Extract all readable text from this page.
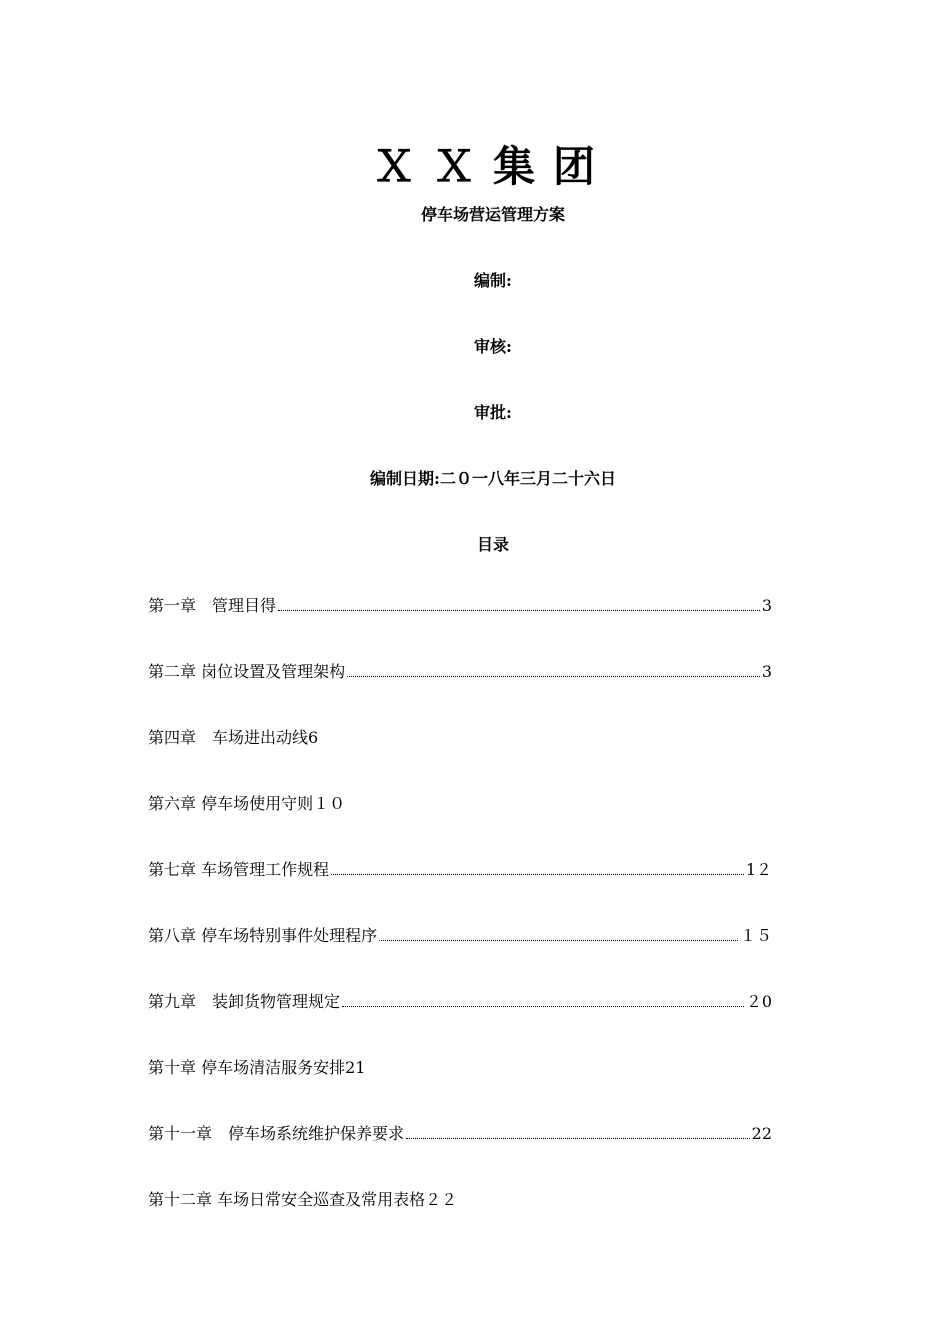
ＸＸ集团
停车场营运管理方案
编制:
审核:
审批:
编制日期:二０一八年三月二十六日
目录
第一章　管理目得	3
第二章 岗位设置及管理架构	3
第四章　车场进出动线6
第六章 停车场使用守则１０
第七章 车场管理工作规程	1２
第八章 停车场特别事件处理程序	１５
第九章　装卸货物管理规定	２0
第十章 停车场清洁服务安排21
第十一章　停车场系统维护保养要求	22
第十二章 车场日常安全巡查及常用表格２２
